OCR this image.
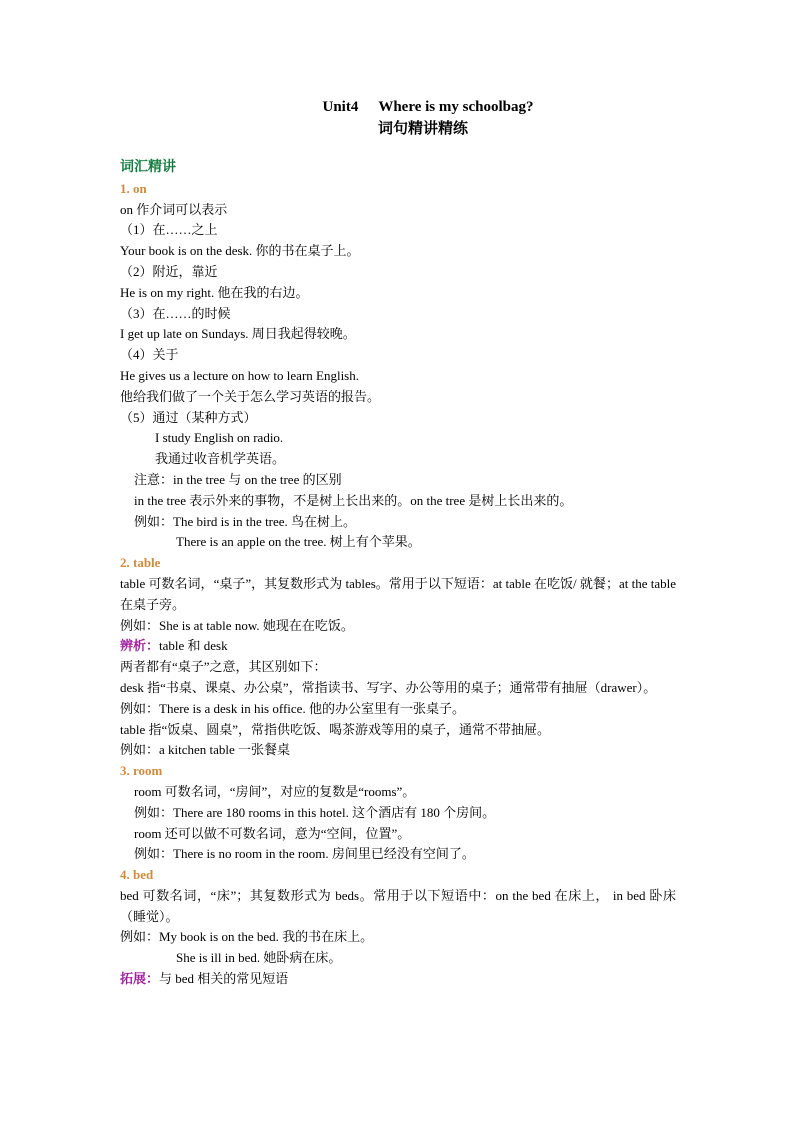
Unit4 Where is my schoolbag?
词句精讲精练
词汇精讲
1. on
on 作介词可以表示
（1）在……之上
Your book is on the desk. 你的书在桌子上。
（2）附近，靠近
He is on my right. 他在我的右边。
（3）在……的时候
I get up late on Sundays. 周日我起得较晚。
（4）关于
He gives us a lecture on how to learn English.
他给我们做了一个关于怎么学习英语的报告。
（5）通过（某种方式）
I study English on radio.
我通过收音机学英语。
注意：in the tree 与 on the tree 的区别
in the tree 表示外来的事物，不是树上长出来的。on the tree 是树上长出来的。
例如：The bird is in the tree. 鸟在树上。
There is an apple on the tree. 树上有个苹果。
2. table
table 可数名词，“桌子”，其复数形式为 tables。常用于以下短语：at table 在吃饭/ 就餐；at the table 在桌子旁。
例如：She is at table now. 她现在在吃饭。
辨析：table 和 desk
两者都有“桌子”之意，其区别如下：
desk 指“书桌、课桌、办公桌”，常指读书、写字、办公等用的桌子；通常带有抽屉（drawer）。
例如：There is a desk in his office. 他的办公室里有一张桌子。
table 指“饭桌、圆桌”，常指供吃饭、喝茶游戏等用的桌子，通常不带抽屉。
例如：a kitchen table 一张餐桌
3. room
room 可数名词，“房间”，对应的复数是“rooms”。
例如：There are 180 rooms in this hotel. 这个酒店有 180 个房间。
room 还可以做不可数名词，意为“空间，位置”。
例如：There is no room in the room. 房间里已经没有空间了。
4. bed
bed 可数名词，“床”；其复数形式为 beds。常用于以下短语中：on the bed 在床上， in bed 卧床（睡觉）。
例如：My book is on the bed. 我的书在床上。
She is ill in bed. 她卧病在床。
拓展：与 bed 相关的常见短语
